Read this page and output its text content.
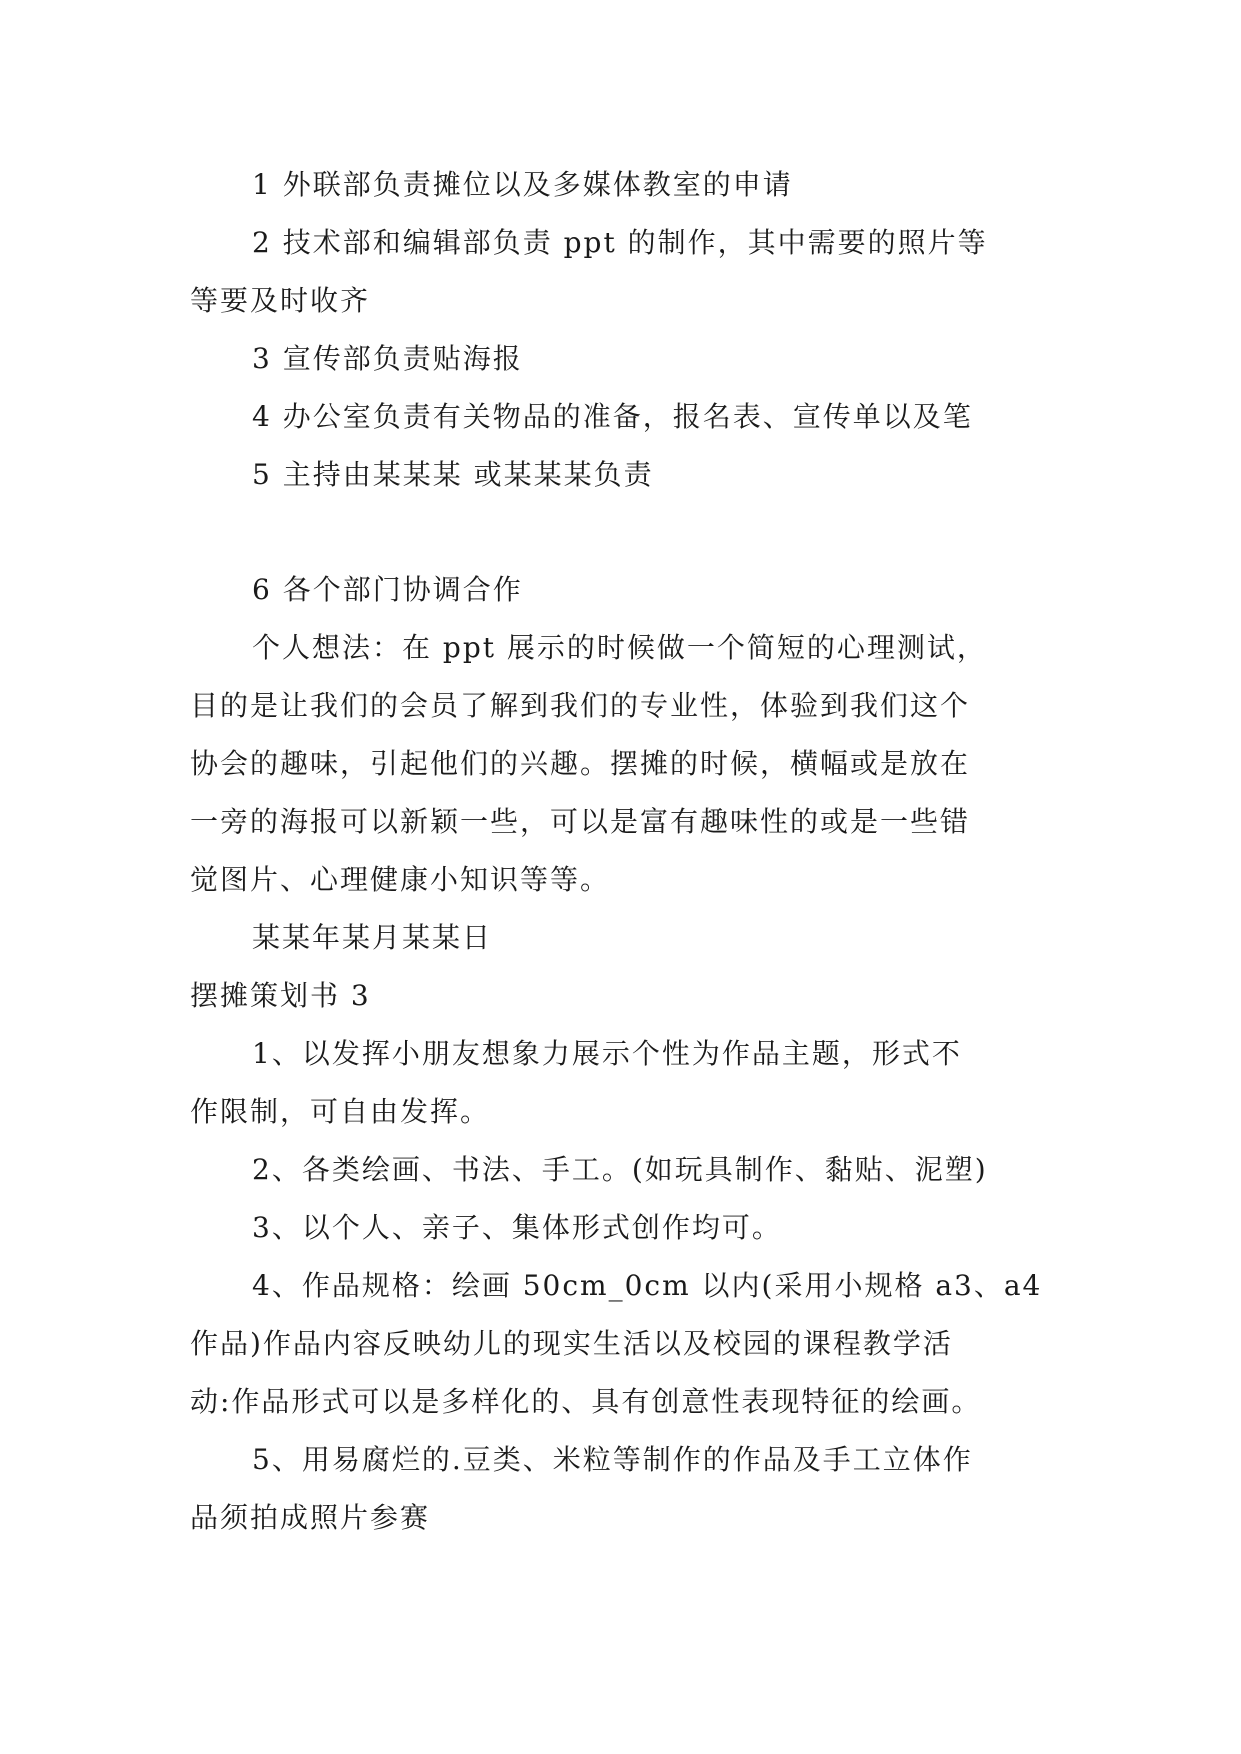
1 外联部负责摊位以及多媒体教室的申请
2 技术部和编辑部负责 ppt 的制作，其中需要的照片等
等要及时收齐
3 宣传部负责贴海报
4 办公室负责有关物品的准备，报名表、宣传单以及笔
5 主持由某某某 或某某某负责
6 各个部门协调合作
个人想法：在 ppt 展示的时候做一个简短的心理测试，
目的是让我们的会员了解到我们的专业性，体验到我们这个
协会的趣味，引起他们的兴趣。摆摊的时候，横幅或是放在
一旁的海报可以新颖一些，可以是富有趣味性的或是一些错
觉图片、心理健康小知识等等。
某某年某月某某日
摆摊策划书 3
1、以发挥小朋友想象力展示个性为作品主题，形式不
作限制，可自由发挥。
2、各类绘画、书法、手工。(如玩具制作、黏贴、泥塑)
3、以个人、亲子、集体形式创作均可。
4、作品规格：绘画 50cm_0cm 以内(采用小规格 a3、a4
作品)作品内容反映幼儿的现实生活以及校园的课程教学活
动:作品形式可以是多样化的、具有创意性表现特征的绘画。
5、用易腐烂的.豆类、米粒等制作的作品及手工立体作
品须拍成照片参赛
